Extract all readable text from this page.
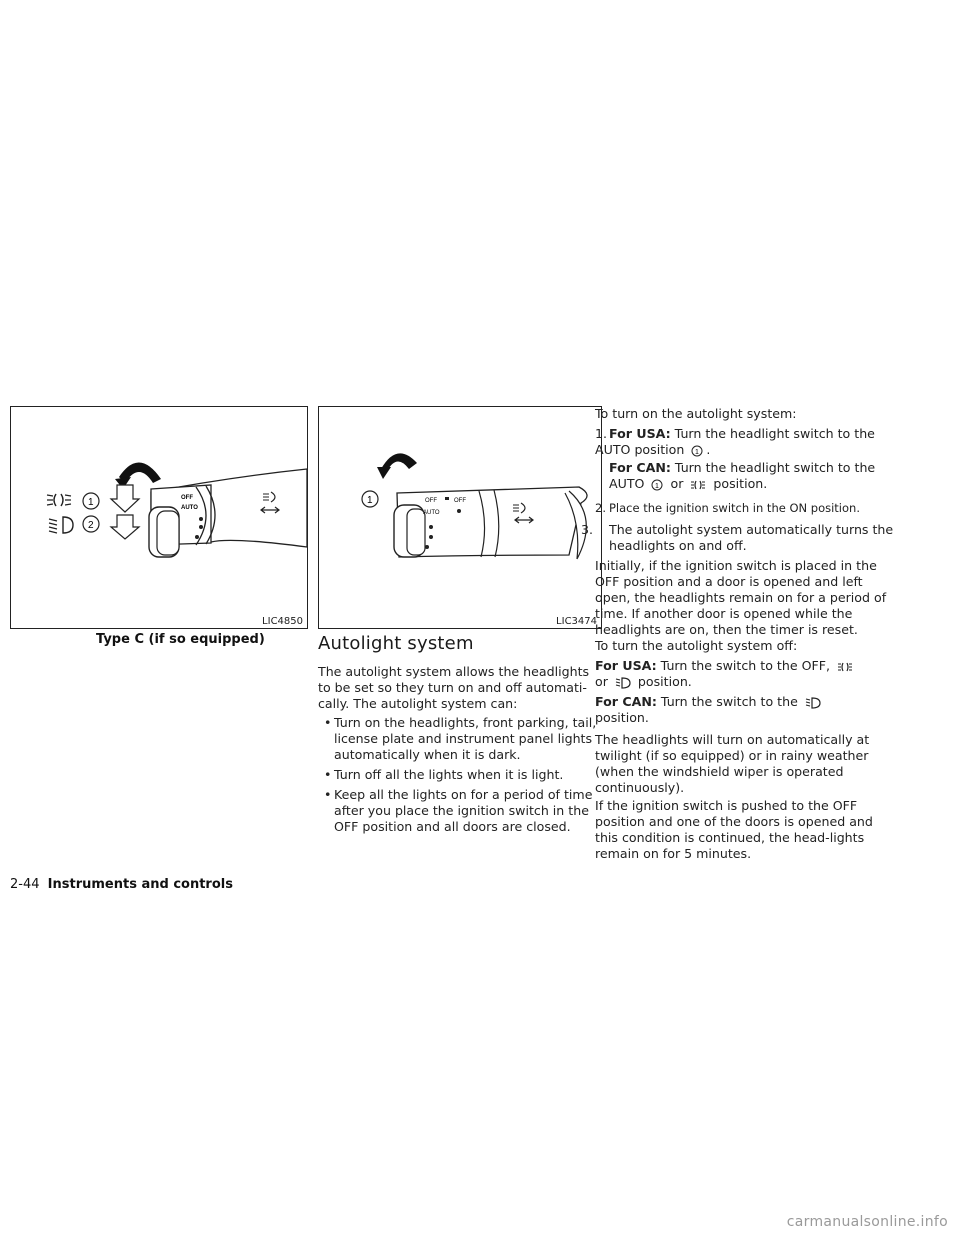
OFF
AUTO
1
2
LIC4850
Type C (if so equipped)
OFF	OFF
AUTO
1
LIC3474
Autolight system

The autolight system allows the headlights to be set so they turn on and off automati-cally. The autolight system can:

• Turn on the headlights, front parking, tail, license plate and instrument panel lights automatically when it is dark.
• Turn off all the lights when it is light.
• Keep all the lights on for a period of time after you place the ignition switch in the OFF position and all doors are closed.

To turn on the autolight system:

1. For USA: Turn the headlight switch to the AUTO position 1 .
For CAN: Turn the headlight switch to the AUTO 1 or position.
2. Place the ignition switch in the ON position.
3. The autolight system automatically turns the headlights on and off.

Initially, if the ignition switch is placed in the OFF position and a door is opened and left open, the headlights remain on for a period of time. If another door is opened while the headlights are on, then the timer is reset.

To turn the autolight system off:

For USA: Turn the switch to the OFF,
or position.
For CAN: Turn the switch to the
position.

The headlights will turn on automatically at twilight (if so equipped) or in rainy weather (when the windshield wiper is operated continuously).

If the ignition switch is pushed to the OFF position and one of the doors is opened and this condition is continued, the head-lights remain on for 5 minutes.

2-44 Instruments and controls
carmanualsonline.info
